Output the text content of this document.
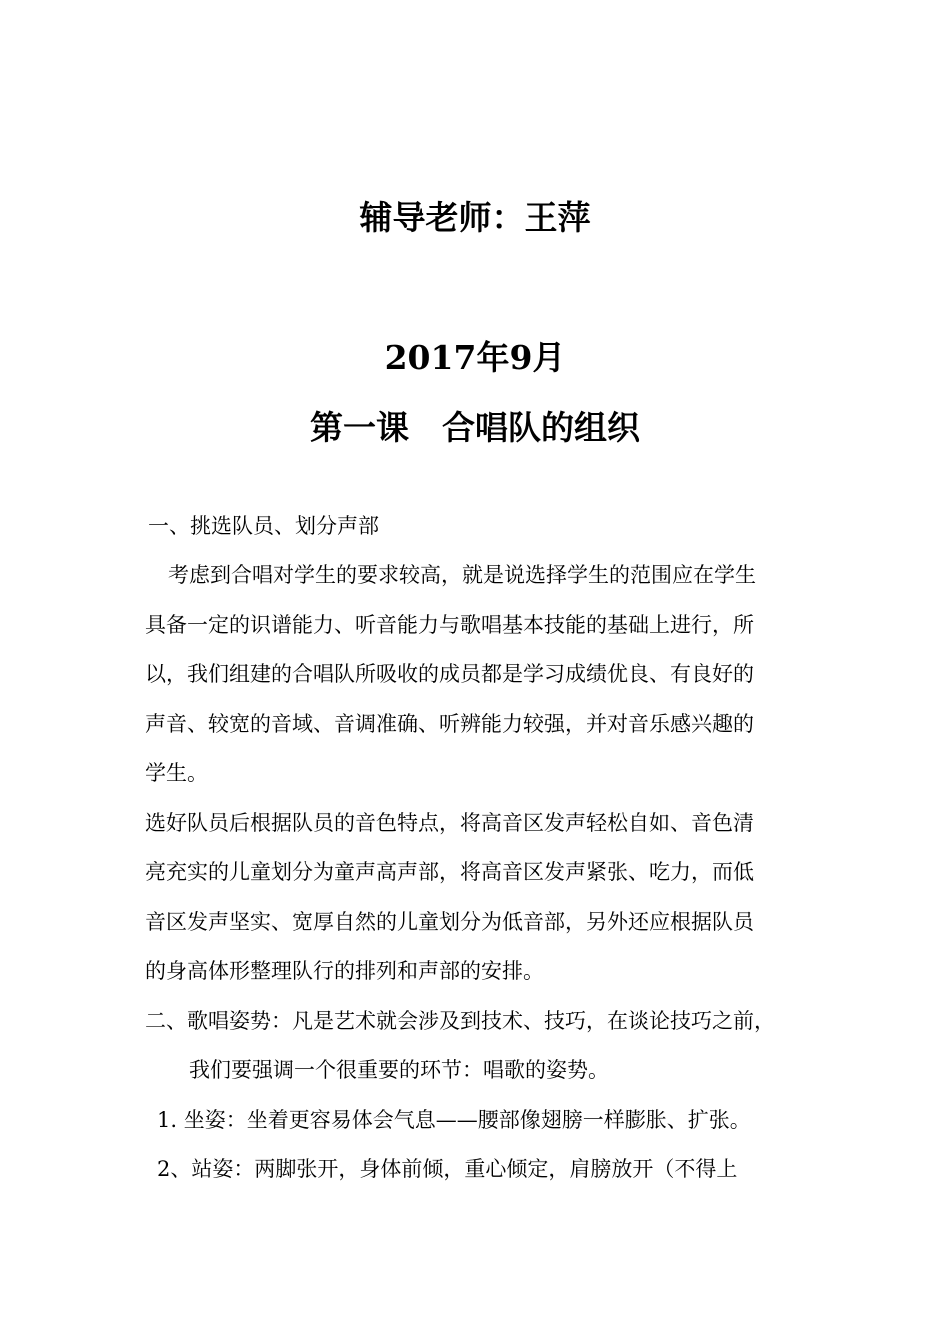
辅导老师：王萍
2017年9月
第一课　合唱队的组织
一、挑选队员、划分声部
考虑到合唱对学生的要求较高，就是说选择学生的范围应在学生
具备一定的识谱能力、听音能力与歌唱基本技能的基础上进行，所
以，我们组建的合唱队所吸收的成员都是学习成绩优良、有良好的
声音、较宽的音域、音调准确、听辨能力较强，并对音乐感兴趣的
学生。
选好队员后根据队员的音色特点，将高音区发声轻松自如、音色清
亮充实的儿童划分为童声高声部，将高音区发声紧张、吃力，而低
音区发声坚实、宽厚自然的儿童划分为低音部，另外还应根据队员
的身高体形整理队行的排列和声部的安排。
二、歌唱姿势：凡是艺术就会涉及到技术、技巧，在谈论技巧之前，
我们要强调一个很重要的环节：唱歌的姿势。
1. 坐姿：坐着更容易体会气息——腰部像翅膀一样膨胀、扩张。
2、站姿：两脚张开，身体前倾，重心倾定，肩膀放开（不得上
